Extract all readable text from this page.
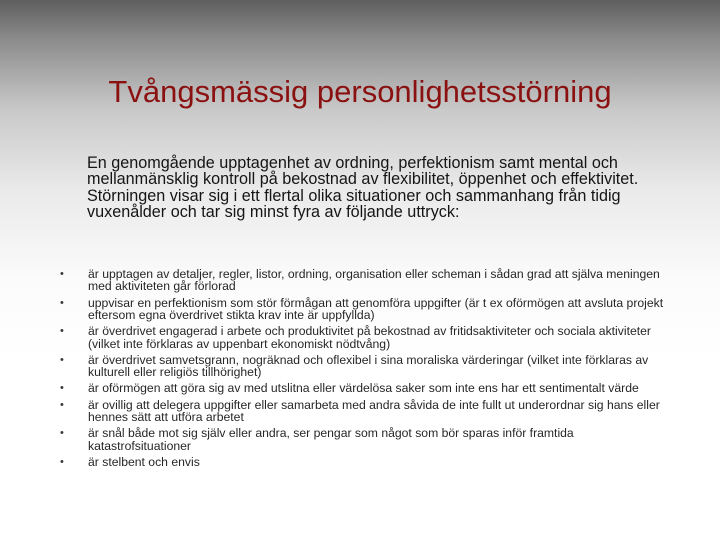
Tvångsmässig personlighetsstörning
En genomgående upptagenhet av ordning, perfektionism samt mental och mellanmänsklig kontroll på bekostnad av flexibilitet, öppenhet och effektivitet. Störningen visar sig i ett flertal olika situationer och sammanhang från tidig vuxenålder och tar sig minst fyra av följande uttryck:
• är upptagen av detaljer, regler, listor, ordning, organisation eller scheman i sådan grad att själva meningen med aktiviteten går förlorad
• uppvisar en perfektionism som stör förmågan att genomföra uppgifter (är t ex oförmögen att avsluta projekt eftersom egna överdrivet stikta krav inte är uppfyllda)
• är överdrivet engagerad i arbete och produktivitet på bekostnad av fritidsaktiviteter och sociala aktiviteter (vilket inte förklaras av uppenbart ekonomiskt nödtvång)
• är överdrivet samvetsgrann, nogräknad och oflexibel i sina moraliska värderingar (vilket inte förklaras av kulturell eller religiös tillhörighet)
• är oförmögen att göra sig av med utslitna eller värdelösa saker som inte ens har ett sentimentalt värde
• är ovillig att delegera uppgifter eller samarbeta med andra såvida de inte fullt ut underordnar sig hans eller hennes sätt att utföra arbetet
• är snål både mot sig själv eller andra, ser pengar som något som bör sparas inför framtida katastrofsituationer
• är stelbent och envis
